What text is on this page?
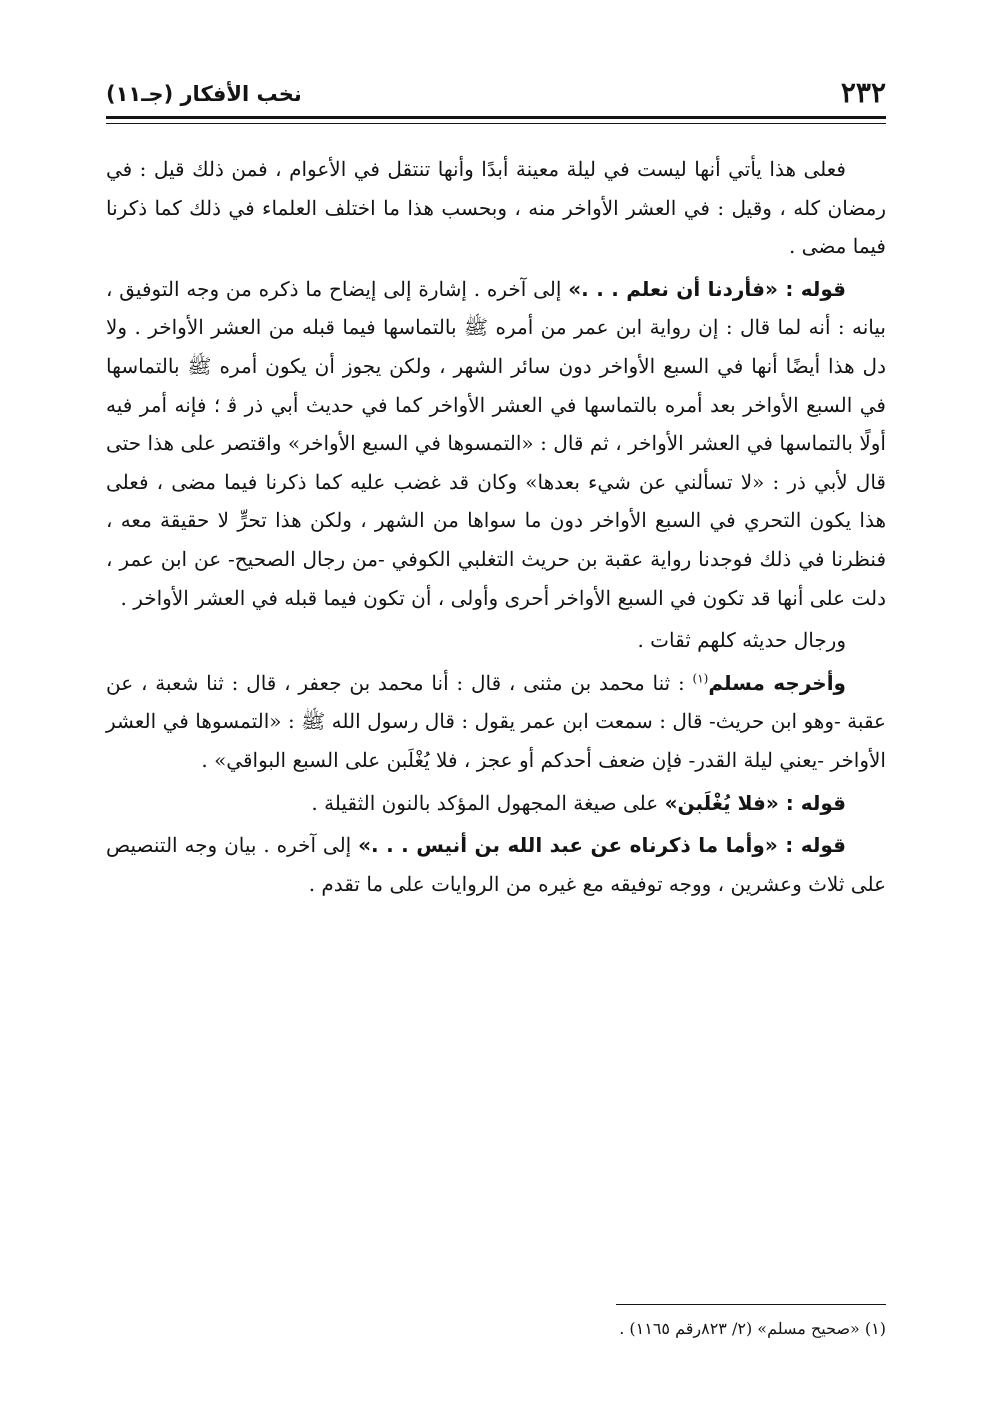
٢٣٢
نخب الأفكار (جـ١١)

فعلى هذا يأتي أنها ليست في ليلة معينة أبدًا وأنها تنتقل في الأعوام ، فمن ذلك قيل : في رمضان كله ، وقيل : في العشر الأواخر منه ، وبحسب هذا ما اختلف العلماء في ذلك كما ذكرنا فيما مضى .

قوله : «فأردنا أن نعلم . . .» إلى آخره . إشارة إلى إيضاح ما ذكره من وجه التوفيق ، بيانه : أنه لما قال : إن رواية ابن عمر من أمره ﷺ بالتماسها فيما قبله من العشر الأواخر . ولا دل هذا أيضًا أنها في السبع الأواخر دون سائر الشهر ، ولكن يجوز أن يكون أمره ﷺ بالتماسها في السبع الأواخر بعد أمره بالتماسها في العشر الأواخر كما في حديث أبي ذر ﭬ ؛ فإنه أمر فيه أولًا بالتماسها في العشر الأواخر ، ثم قال : «التمسوها في السبع الأواخر» واقتصر على هذا حتى قال لأبي ذر : «لا تسألني عن شيء بعدها» وكان قد غضب عليه كما ذكرنا فيما مضى ، فعلى هذا يكون التحري في السبع الأواخر دون ما سواها من الشهر ، ولكن هذا تحرٍّ لا حقيقة معه ، فنظرنا في ذلك فوجدنا رواية عقبة بن حريث التغلبي الكوفي -من رجال الصحيح- عن ابن عمر ، دلت على أنها قد تكون في السبع الأواخر أحرى وأولى ، أن تكون فيما قبله في العشر الأواخر .

ورجال حديثه كلهم ثقات .

وأخرجه مسلم$^{(١)}$ : ثنا محمد بن مثنى ، قال : أنا محمد بن جعفر ، قال : ثنا شعبة ، عن عقبة -وهو ابن حريث- قال : سمعت ابن عمر يقول : قال رسول الله ﷺ : «التمسوها في العشر الأواخر -يعني ليلة القدر- فإن ضعف أحدكم أو عجز ، فلا يُغْلَبن على السبع البواقي» .

قوله : «فلا يُغْلَبن» على صيغة المجهول المؤكد بالنون الثقيلة .

قوله : «وأما ما ذكرناه عن عبد الله بن أنيس . . .» إلى آخره . بيان وجه التنصيص على ثلاث وعشرين ، ووجه توفيقه مع غيره من الروايات على ما تقدم .

(١) «صحيح مسلم» (٢/ ٨٢٣رقم ١١٦٥) .
